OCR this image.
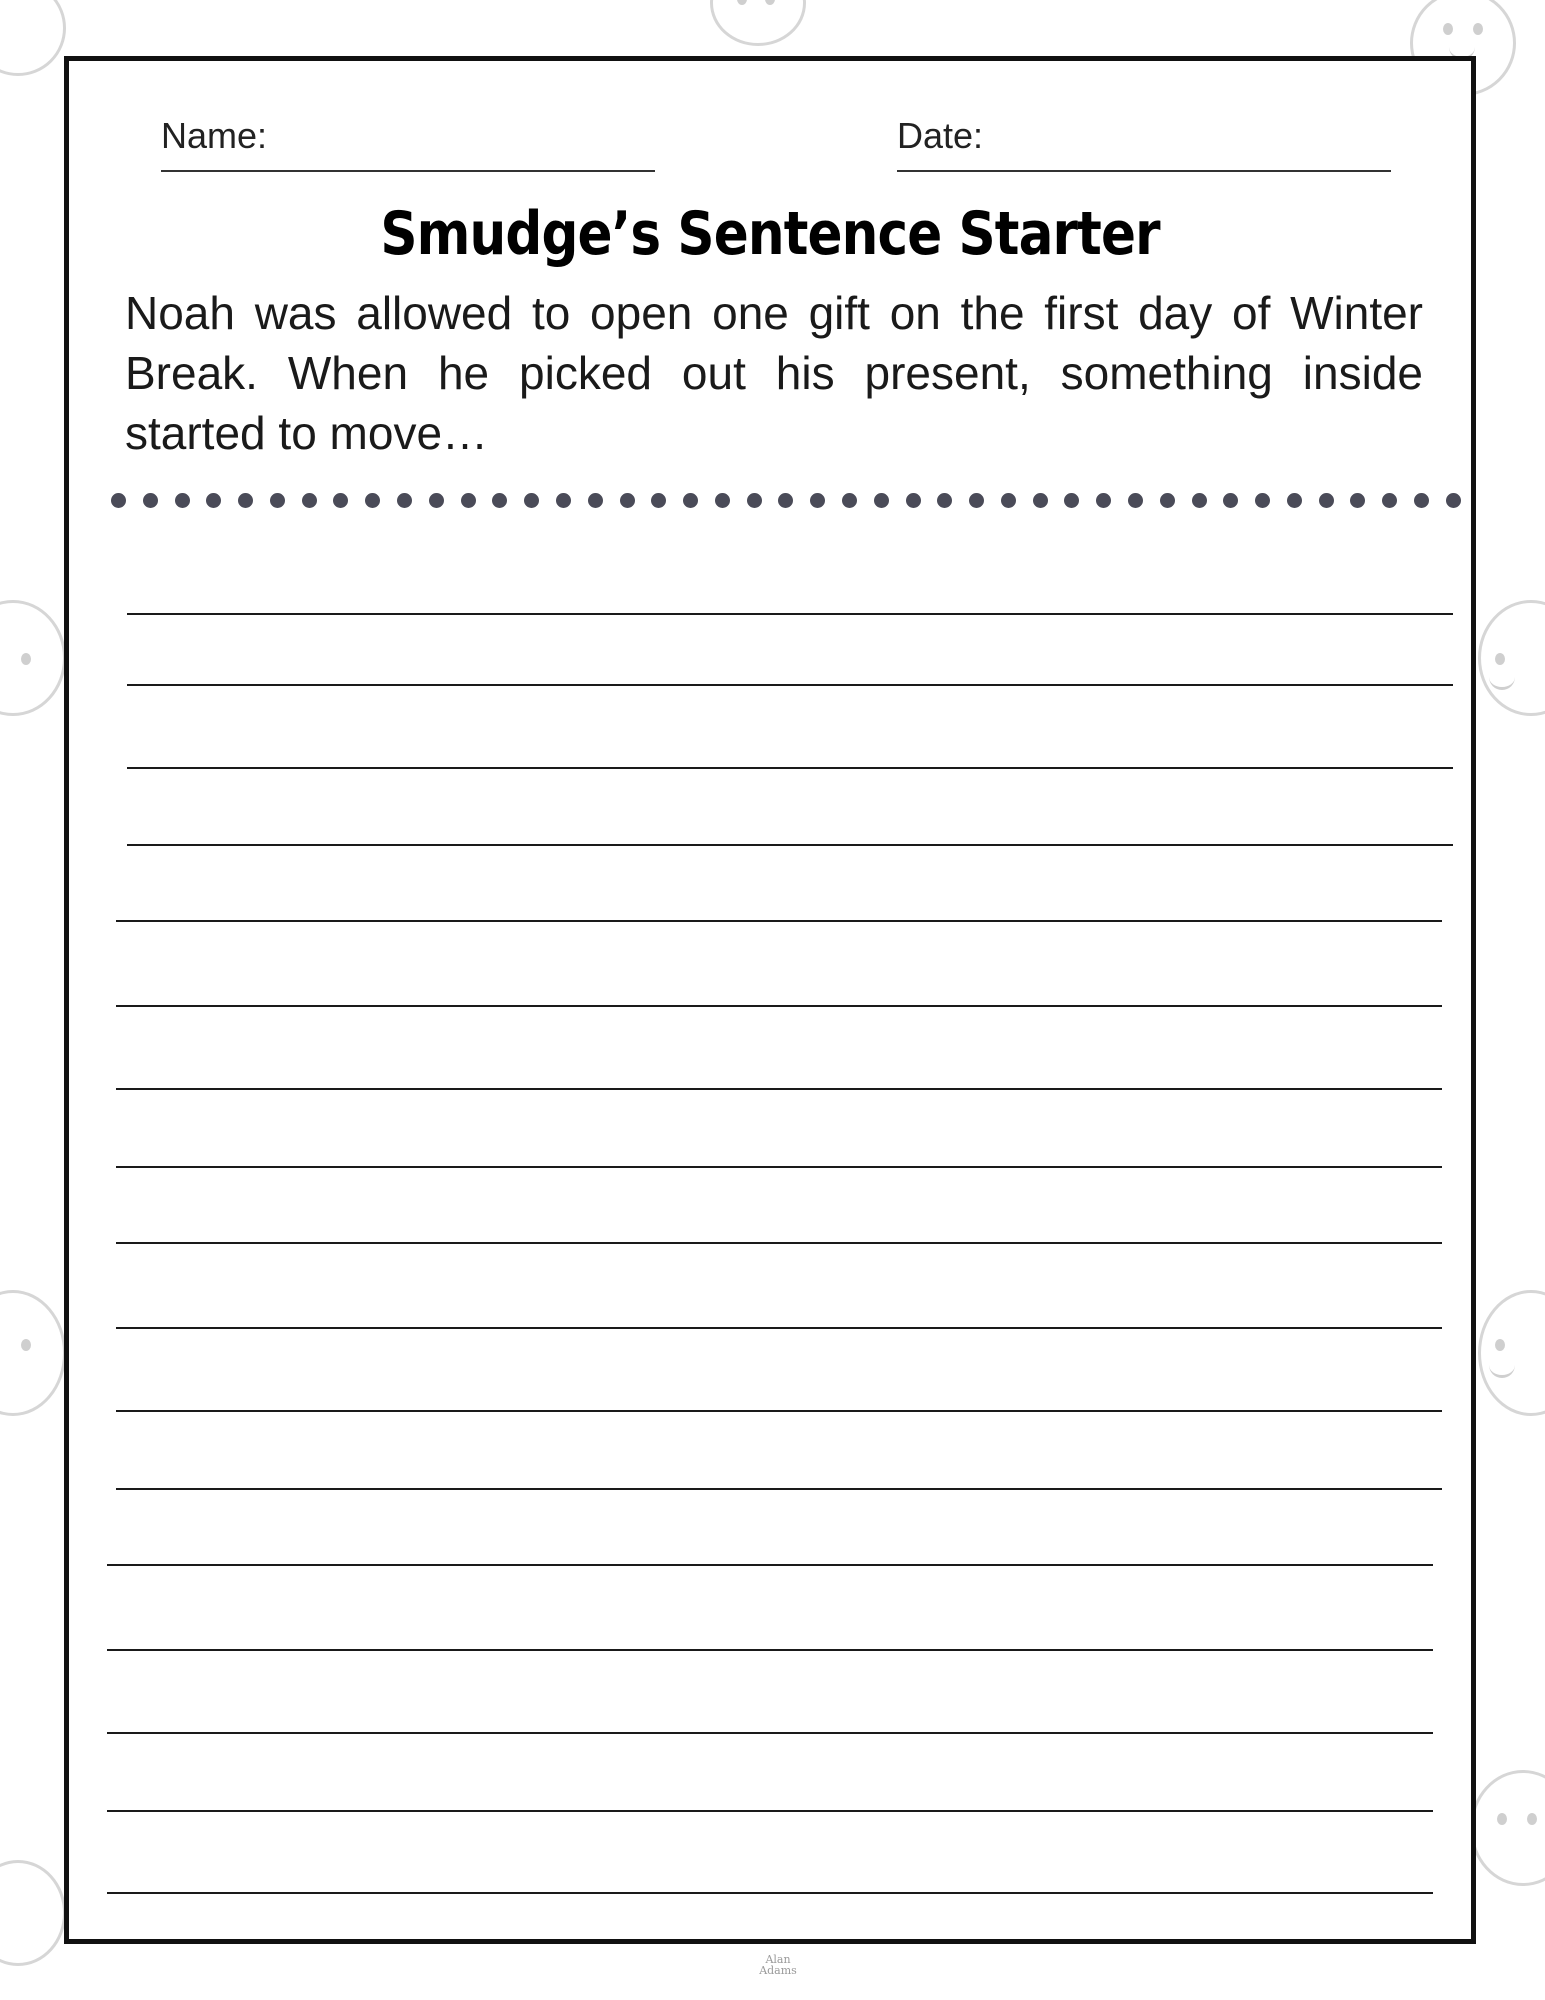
Name:	Date:
Smudge’s Sentence Starter
Noah was allowed to open one gift on the first day of Winter Break. When he picked out his present, something inside started to move…
Alan Adams
